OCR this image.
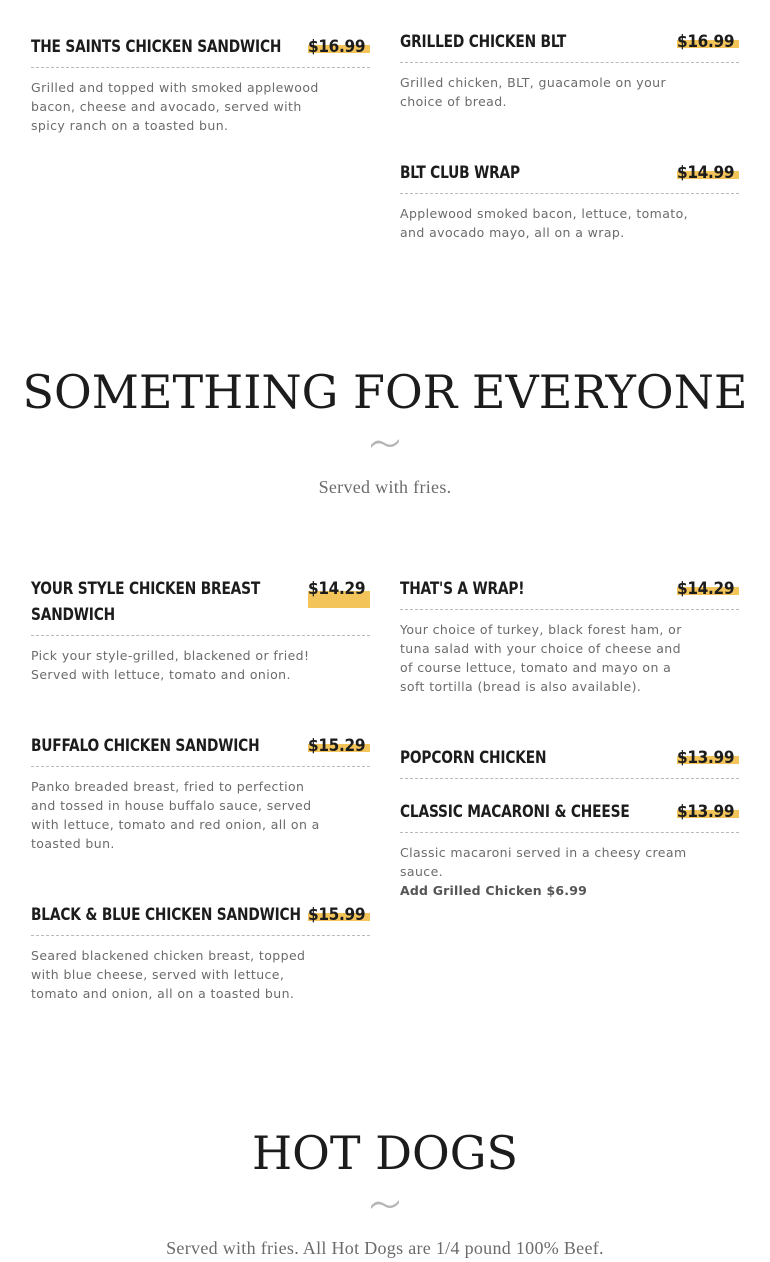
THE SAINTS CHICKEN SANDWICH $16.99
Grilled and topped with smoked applewood bacon, cheese and avocado, served with spicy ranch on a toasted bun.
GRILLED CHICKEN BLT	$16.99
Grilled chicken, BLT, guacamole on your choice of bread.
BLT CLUB WRAP	$14.99
Applewood smoked bacon, lettuce, tomato, and avocado mayo, all on a wrap.
SOMETHING FOR EVERYONE
Served with fries.
YOUR STYLE CHICKEN BREAST SANDWICH
$14.29
Pick your style-grilled, blackened or fried! Served with lettuce, tomato and onion.
BUFFALO CHICKEN SANDWICH	$15.29
Panko breaded breast, fried to perfection and tossed in house buffalo sauce, served with lettuce, tomato and red onion, all on a toasted bun.
BLACK & BLUE CHICKEN SANDWICH $15.99
Seared blackened chicken breast, topped with blue cheese, served with lettuce, tomato and onion, all on a toasted bun.
THAT'S A WRAP!	$14.29
Your choice of turkey, black forest ham, or tuna salad with your choice of cheese and of course lettuce, tomato and mayo on a soft tortilla (bread is also available).
POPCORN CHICKEN	$13.99
CLASSIC MACARONI & CHEESE	$13.99
Classic macaroni served in a cheesy cream sauce.
Add Grilled Chicken $6.99
HOT DOGS
Served with fries. All Hot Dogs are 1/4 pound 100% Beef.
